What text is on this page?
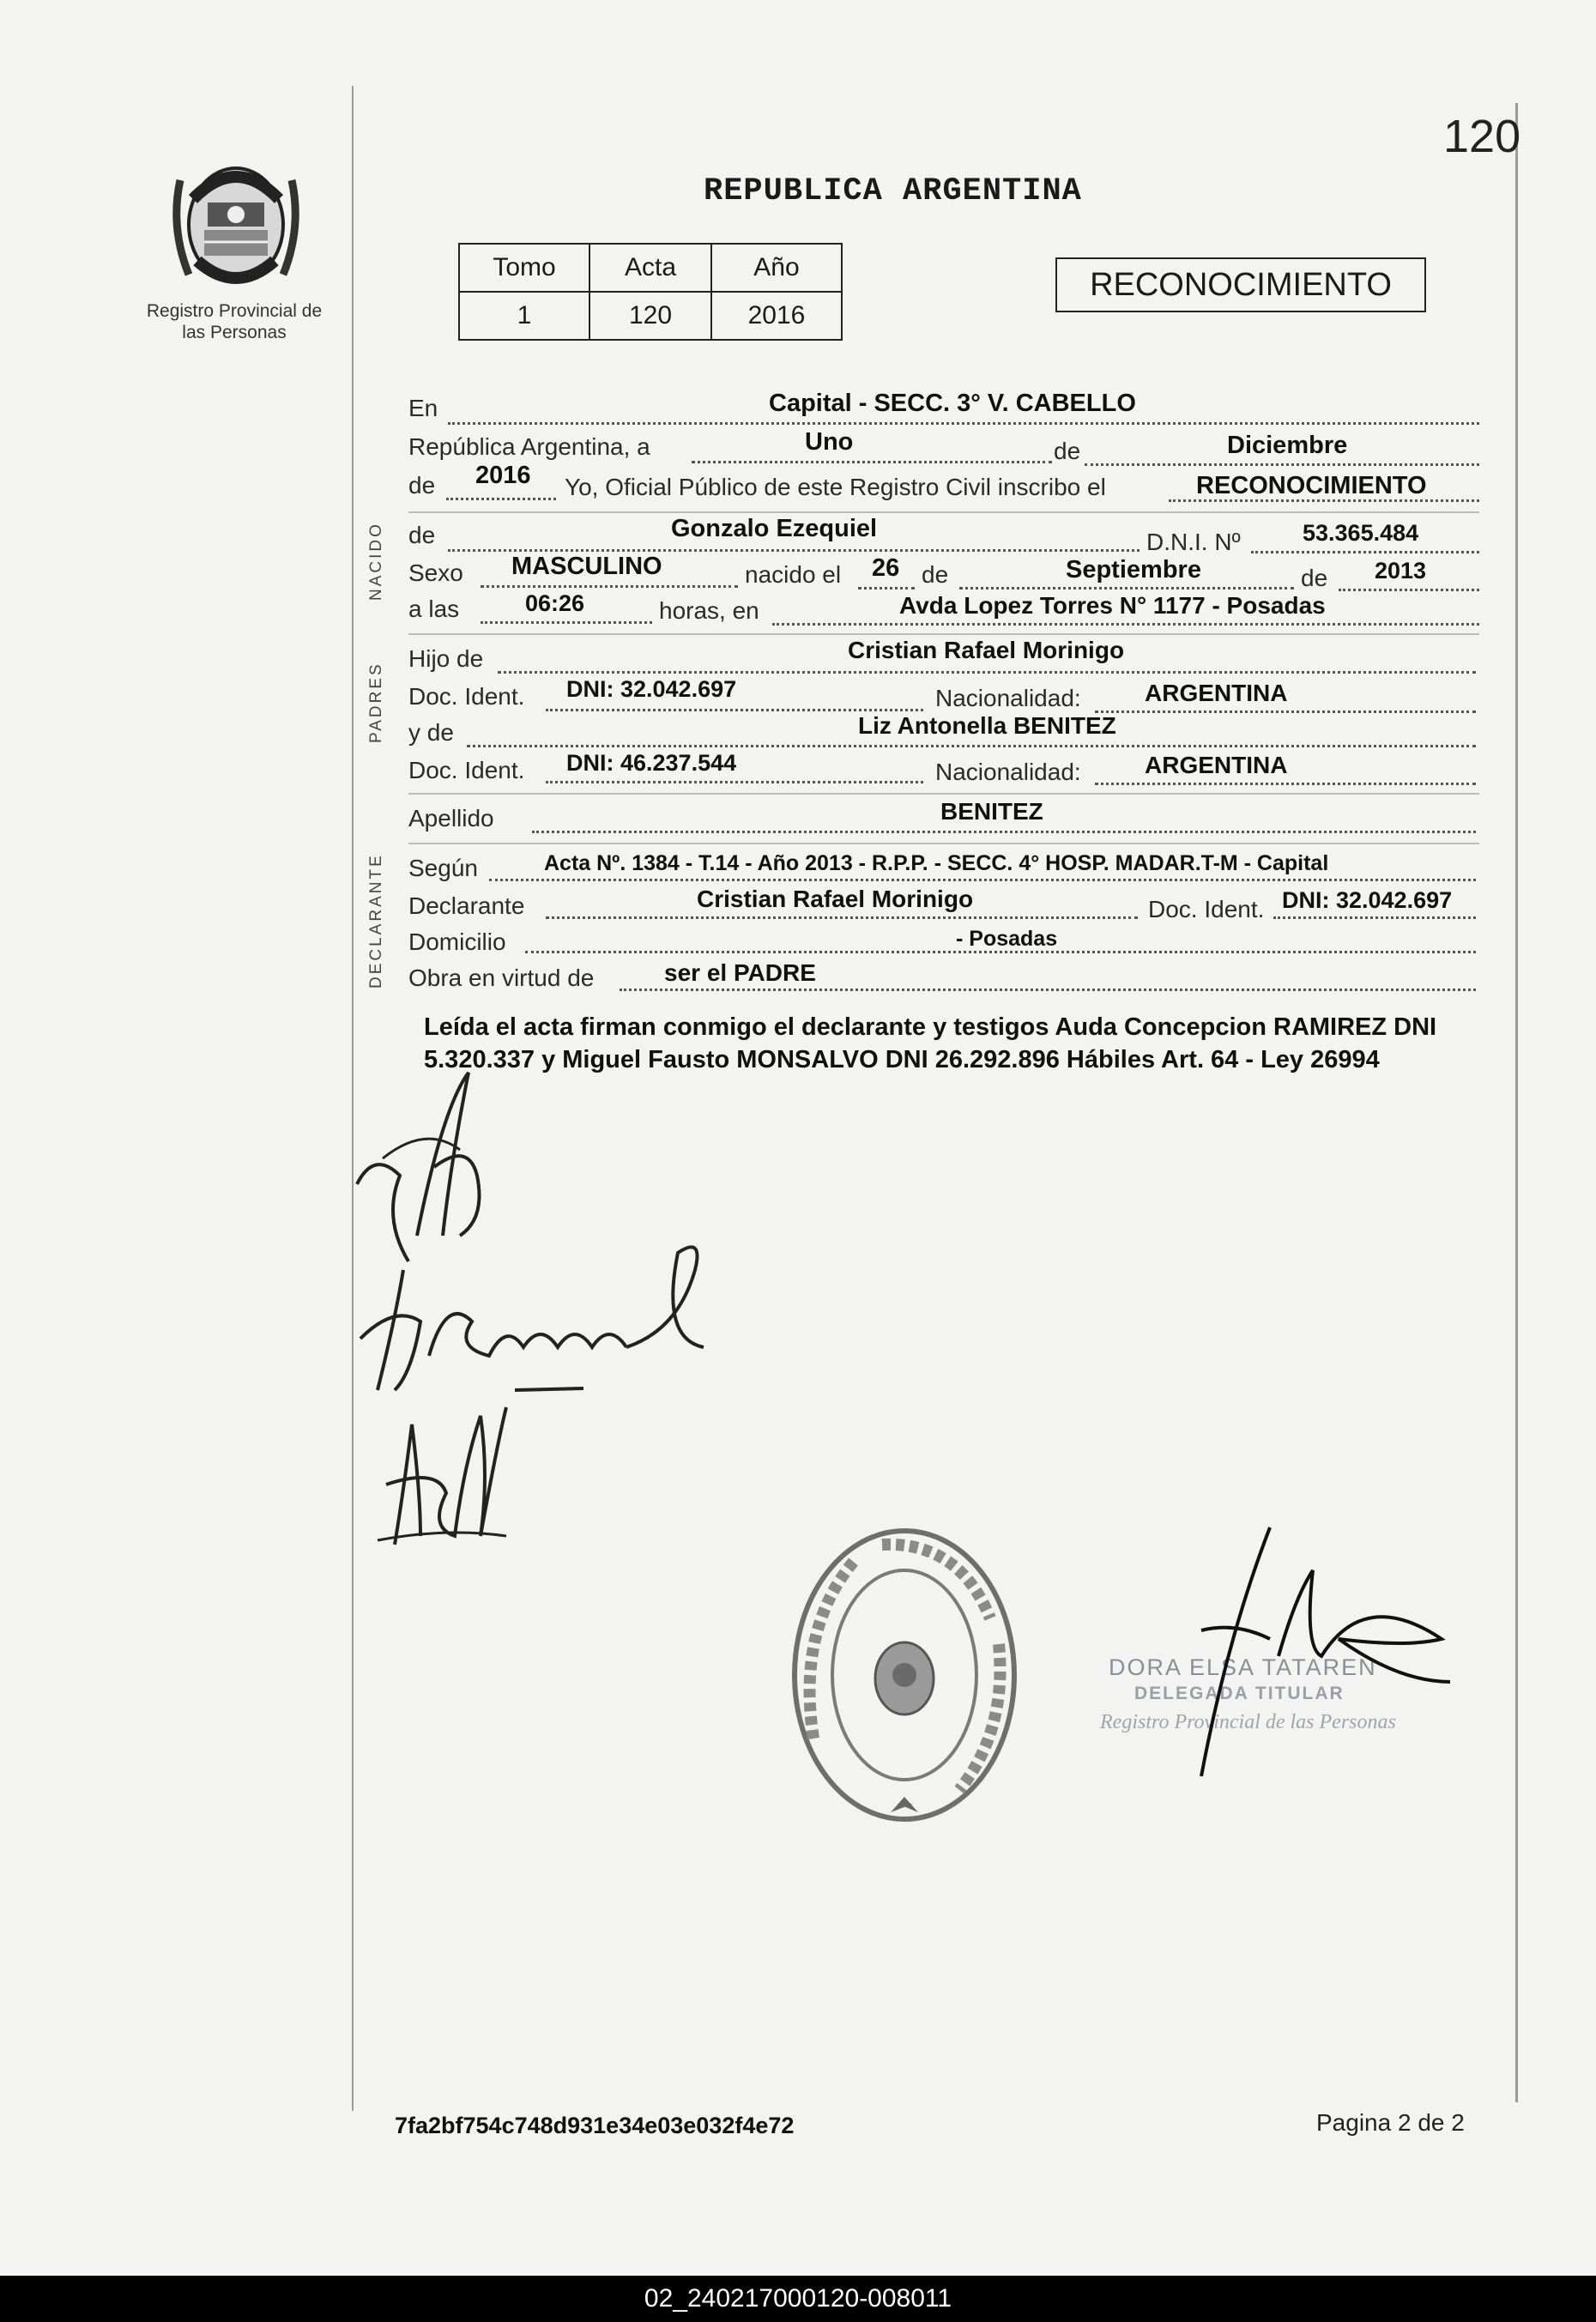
120
REPUBLICA ARGENTINA
Registro Provincial de las Personas
Tomo	Acta	Año
1	120	2016
RECONOCIMIENTO
En	Capital - SECC. 3° V. CABELLO
República Argentina, a	Uno	de	Diciembre
de 2016 Yo, Oficial Público de este Registro Civil inscribo el	RECONOCIMIENTO
NACIDO de	Gonzalo Ezequiel	D.N.I. Nº	53.365.484
Sexo MASCULINO	nacido el 26 de	Septiembre	de 2013
a las	06:26	horas, en	Avda Lopez Torres N° 1177 - Posadas
PADRES
Hijo de	Cristian Rafael Morinigo
Doc. Ident. DNI: 32.042.697	Nacionalidad:	ARGENTINA
y de	Liz Antonella BENITEZ
Doc. Ident. DNI: 46.237.544	Nacionalidad:	ARGENTINA
Apellido	BENITEZ
DECLARANTE Según	Acta Nº. 1384 - T.14 - Año 2013 - R.P.P. - SECC. 4° HOSP. MADAR.T-M - Capital
Declarante	Cristian Rafael Morinigo	Doc. Ident. DNI: 32.042.697
Domicilio	- Posadas
Obra en virtud de	ser el PADRE
Leída el acta firman conmigo el declarante y testigos Auda Concepcion RAMIREZ DNI 5.320.337 y Miguel Fausto MONSALVO DNI 26.292.896 Hábiles Art. 64 - Ley 26994
DORA ELSA TATAREN
DELEGADA TITULAR
Registro Provincial de las Personas
7fa2bf754c748d931e34e03e032f4e72	Pagina 2 de 2
02_240217000120-008011
